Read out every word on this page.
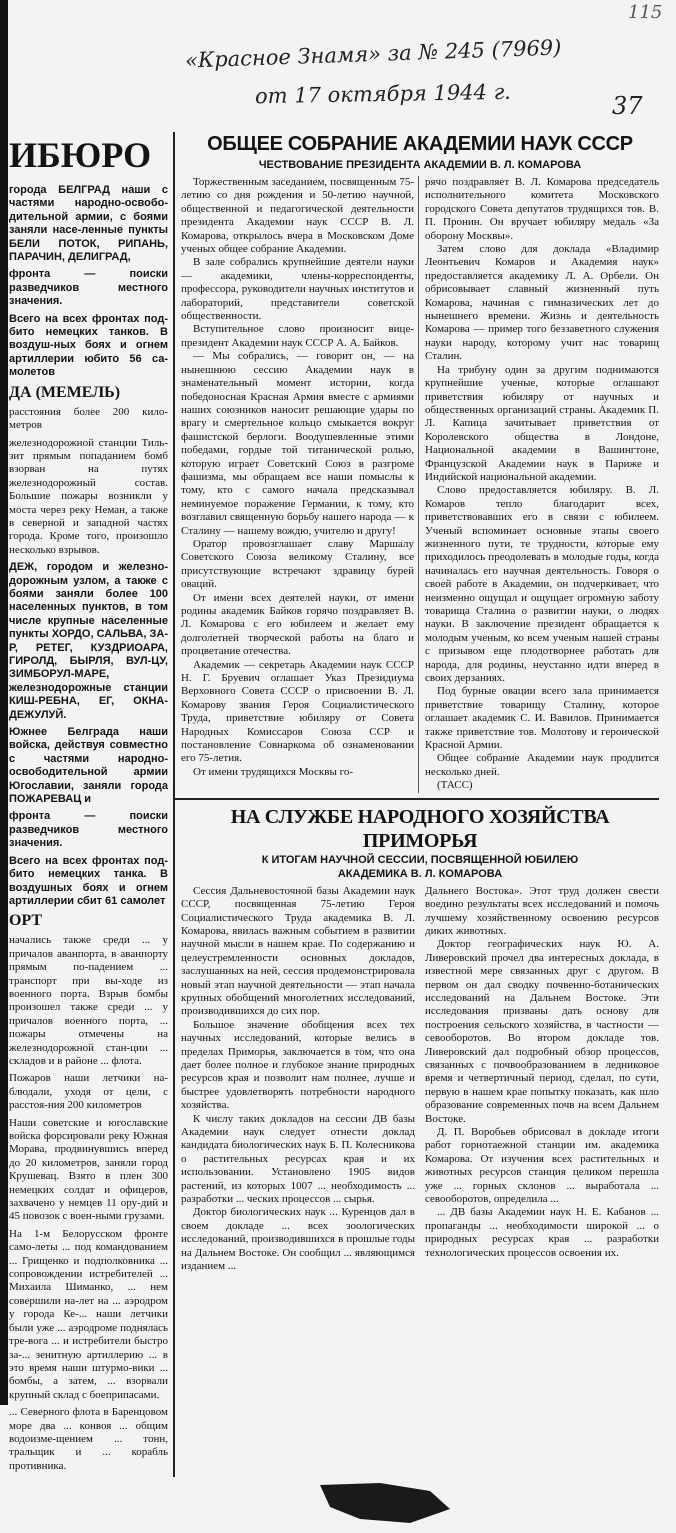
«Красное Знамя» за № 245 (7969)
от 17 октября 1944 г.	37
115
ИБЮРО

города БЕЛГРАД наши с частями народно-освобо-дительной армии, с боями заняли насе-ленные пункты БЕЛИ ПОТОК, РИПАНЬ, ПАРАЧИН, ДЕЛИГРАД,

фронта — поиски разведчиков местного значения.

Всего на всех фронтах под-бито немецких танков. В воздуш-ных боях и огнем артиллерии юбито 56 са-молетов

ДА (МЕМЕЛЬ)

расстояния более 200 кило-метров

железнодорожной станции Тиль-зит прямым попаданием бомб взорван на путях железнодорожный состав. Большие пожары возникли у моста через реку Неман, а также в северной и западной частях города. Кроме того, произошло несколько взрывов.

ДЕЖ, городом и железно-дорожным узлом, а также с боями заняли более 100 населенных пунктов, в том числе крупные населенные пункты ХОРДО, САЛЬВА, ЗА-Р, РЕТЕГ, КУЗДРИОАРА, ГИРОЛД, БЫРЛЯ, ВУЛ-ЦУ, ЗИМБОРУЛ-МАРЕ, железнодорожные станции КИШ-РЕБНА, ЕГ, ОКНА-ДЕЖУЛУЙ.

Южнее Белграда наши войска, действуя совместно с частями народно-освободительной армии Югославии, заняли города ПОЖАРЕВАЦ и

фронта — поиски разведчиков местного значения.

Всего на всех фронтах под-бито немецких танка. В воздушных боях и огнем артиллерии сбит 61 самолет

ОРТ

начались также среди ... у причалов аванпорта, в аванпорту прямым по-падением ... транспорт при вы-ходе из военного порта. Взрыв бомбы произошел также среди ... у причалов военного порта, ... пожары отмечены на железнодорожной стан-ции ... складов и в районе ... флота.

Пожаров наши летчики на-блюдали, уходя от цели, с расстоя-ния 200 километров

Наши советские и югославские войска форсировали реку Южная Морава, продвинувшись вперед до 20 километров, заняли город Крушевац. Взято в плен 300 немецких солдат и офицеров, захвачено у немцев 11 ору-дий и 45 повозок с воен-ными грузами.

На 1-м Белорусском фронте само-леты ... под командованием ... Грищенко и подполковника ... сопровождении истребителей ... Михаила Шиманко, ... нем совершили на-лет на ... аэродром у города Ке-... наши летчики были уже ... аэродроме поднялась тре-вога ... и истребители быстро за-... зенитную артиллерию ... в это время наши штурмо-вики ... бомбы, а затем, ... взорвали крупный склад с боеприпасами.

... Северного флота в Баренцовом море два ... конвоя ... общим водоизме-щением ... тонн, тральщик и ... корабль противника.

ОБЩЕЕ СОБРАНИЕ АКАДЕМИИ НАУК СССР
ЧЕСТВОВАНИЕ ПРЕЗИДЕНТА АКАДЕМИИ В. Л. КОМАРОВА

Торжественным заседанием, посвященным 75-летию со дня рождения и 50-летию научной, общественной и педагогической деятельности президента Академии наук СССР В. Л. Комарова, открылось вчера в Московском Доме ученых общее собрание Академии.

В зале собрались крупнейшие деятели науки — академики, члены-корреспонденты, профессора, руководители научных институтов и лабораторий, представители советской общественности.

Вступительное слово произносит вице-президент Академии наук СССР А. А. Байков.

— Мы собрались, — говорит он, — на нынешнюю сессию Академии наук в знаменательный момент истории, когда победоносная Красная Армия вместе с армиями наших союзников наносит решающие удары по врагу и смертельное кольцо смыкается вокруг фашистской берлоги. Воодушевленные этими победами, гордые той титанической ролью, которую играет Советский Союз в разгроме фашизма, мы обращаем все наши помыслы к тому, кто с самого начала предсказывал неминуемое поражение Германии, к тому, кто возглавил священную борьбу нашего народа — к Сталину — нашему вождю, учителю и другу!

Оратор провозглашает славу Маршалу Советского Союза великому Сталину, все присутствующие встречают здравицу бурей оваций.

От имени всех деятелей науки, от имени родины академик Байков горячо поздравляет В. Л. Комарова с его юбилеем и желает ему долголетней творческой работы на благо и процветание отечества.

Академик — секретарь Академии наук СССР Н. Г. Бруевич оглашает Указ Президиума Верховного Совета СССР о присвоении В. Л. Комарову звания Героя Социалистического Труда, приветствие юбиляру от Совета Народных Комиссаров Союза ССР и постановление Совнаркома об ознаменовании его 75-летия.

От имени трудящихся Москвы го-

рячо поздравляет В. Л. Комарова председатель исполнительного комитета Московского городского Совета депутатов трудящихся тов. В. П. Пронин. Он вручает юбиляру медаль «За оборону Москвы».

Затем слово для доклада «Владимир Леонтьевич Комаров и Академия наук» предоставляется академику Л. А. Орбели. Он обрисовывает славный жизненный путь Комарова, начиная с гимназических лет до нынешнего времени. Жизнь и деятельность Комарова — пример того беззаветного служения науки народу, которому учит нас товарищ Сталин.

На трибуну один за другим поднимаются крупнейшие ученые, которые оглашают приветствия юбиляру от научных и общественных организаций страны. Академик П. Л. Капица зачитывает приветствия от Королевского общества в Лондоне, Национальной академии в Вашингтоне, Французской Академии наук в Париже и Индийской национальной академии.

Слово предоставляется юбиляру. В. Л. Комаров тепло благодарит всех, приветствовавших его в связи с юбилеем. Ученый вспоминает основные этапы своего жизненного пути, те трудности, которые ему приходилось преодолевать в молодые годы, когда начиналась его научная деятельность. Говоря о своей работе в Академии, он подчеркивает, что неизменно ощущал и ощущает огромную заботу товарища Сталина о развитии науки, о людях науки. В заключение президент обращается к молодым ученым, ко всем ученым нашей страны с призывом еще плодотворнее работать для народа, для родины, неустанно идти вперед в своих дерзаниях.

Под бурные овации всего зала принимается приветствие товарищу Сталину, которое оглашает академик С. И. Вавилов. Принимается также приветствие тов. Молотову и героической Красной Армии.

Общее собрание Академии наук продлится несколько дней.

(ТАСС)

НА СЛУЖБЕ НАРОДНОГО ХОЗЯЙСТВА ПРИМОРЬЯ
К ИТОГАМ НАУЧНОЙ СЕССИИ, ПОСВЯЩЕННОЙ ЮБИЛЕЮ
АКАДЕМИКА В. Л. КОМАРОВА

Сессия Дальневосточной базы Академии наук СССР, посвященная 75-летию Героя Социалистического Труда академика В. Л. Комарова, явилась важным событием в развитии научной мысли в нашем крае. По содержанию и целеустремленности основных докладов, заслушанных на ней, сессия продемонстрировала новый этап научной деятельности — этап начала крупных обобщений многолетних исследований, производившихся до сих пор.

Большое значение обобщения всех тех научных исследований, которые велись в пределах Приморья, заключается в том, что она дает более полное и глубокое знание природных ресурсов края и позволит нам полнее, лучше и быстрее удовлетворять потребности народного хозяйства.

К числу таких докладов на сессии ДВ базы Академии наук следует отнести доклад кандидата биологических наук Б. П. Колесникова о растительных ресурсах края и их использовании. Установлено 1905 видов растений, из которых 1007 ... необходимость ... разработки ... ческих процессов ... сырья.

Доктор биологических наук ... Куренцов дал в своем докладе ... всех зоологических исследований, производившихся в прошлые годы на Дальнем Востоке. Он сообщил ... являющимся изданием ...

Дальнего Востока». Этот труд должен свести воедино результаты всех исследований и помочь лучшему хозяйственному освоению ресурсов диких животных.

Доктор географических наук Ю. А. Ливеровский прочел два интересных доклада, в известной мере связанных друг с другом. В первом он дал сводку почвенно-ботанических исследований на Дальнем Востоке. Эти исследования призваны дать основу для построения сельского хозяйства, в частности — севооборотов. Во втором докладе тов. Ливеровский дал подробный обзор процессов, связанных с почвообразованием в ледниковое время и четвертичный период, сделал, по сути, первую в нашем крае попытку показать, как шло образование современных почв на всем Дальнем Востоке.

Д. П. Воробьев обрисовал в докладе итоги работ горнотаежной станции им. академика Комарова. От изучения всех растительных и животных ресурсов станция целиком перешла уже ... горных склонов ... выработала ... севооборотов, определила ...

... ДВ базы Академии наук Н. Е. Кабанов ... пропаганды ... необходимости широкой ... о природных ресурсах края ... разработки технологических процессов освоения их.
